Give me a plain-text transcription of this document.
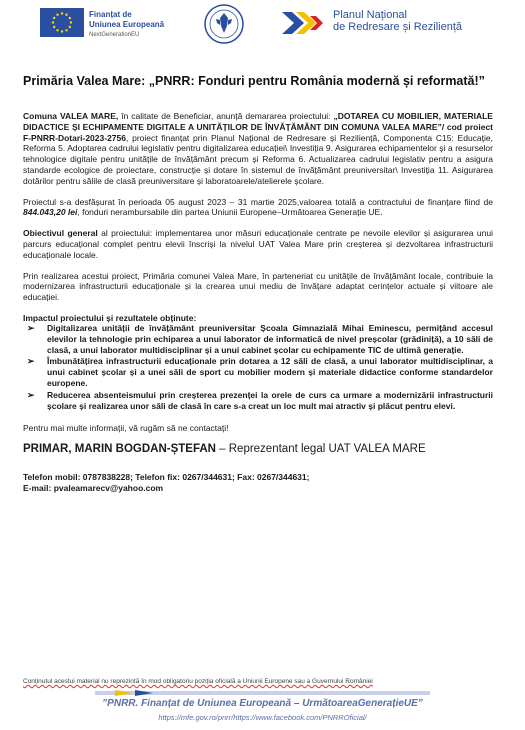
Finanțat de
Uniunea Europeană
NextGenerationEU
Planul Național
de Redresare și Reziliență
Primăria Valea Mare: „PNRR: Fonduri pentru România modernă și reformată!”

Comuna VALEA MARE, în calitate de Beneficiar, anunță demararea proiectului: „DOTAREA CU MOBILIER, MATERIALE DIDACTICE ȘI ECHIPAMENTE DIGITALE A UNITĂȚILOR DE ÎNVĂȚĂMÂNT DIN COMUNA VALEA MARE”/ cod proiect F-PNRR-Dotari-2023-2756, proiect finanțat prin Planul Național de Redresare și Reziliență, Componenta C15: Educație, Reforma 5. Adoptarea cadrului legislativ pentru digitalizarea educației\ Investiția 9. Asigurarea echipamentelor și a resurselor tehnologice digitale pentru unitățile de învățământ precum și Reforma 6. Actualizarea cadrului legislativ pentru a asigura standarde ecologice de proiectare, construcție și dotare în sistemul de învățământ preuniversitar\ Investiția 11. Asigurarea dotărilor pentru sălile de clasă preuniversitare și laboratoarele/atelierele școlare.

Proiectul s-a desfășurat în perioada 05 august 2023 – 31 martie 2025,valoarea totală a contractului de finanțare fiind de 844.043,20 lei, fonduri nerambursabile din partea Uniunii Europene–Următoarea Generație UE.

Obiectivul general al proiectului: implementarea unor măsuri educaționale centrate pe nevoile elevilor și asigurarea unui parcurs educațional complet pentru elevii înscriși la nivelul UAT Valea Mare prin creșterea și dezvoltarea infrastructurii educaționale locale.

Prin realizarea acestui proiect, Primăria comunei Valea Mare, în parteneriat cu unitățile de învățământ locale, contribuie la modernizarea infrastructurii educaționale și la crearea unui mediu de învățare adaptat cerințelor actuale și viitoare ale educației.

Impactul proiectului și rezultatele obținute:
➢ Digitalizarea unității de învățământ preuniversitar Școala Gimnazială Mihai Eminescu, permițând accesul elevilor la tehnologie prin echiparea a unui laborator de informatică de nivel preșcolar (grădiniță), a 10 săli de clasă, a unui laborator multidisciplinar și a unui cabinet școlar cu echipamente TIC de ultimă generație.
➢ Îmbunătățirea infrastructurii educaționale prin dotarea a 12 săli de clasă, a unui laborator multidisciplinar, a unui cabinet școlar și a unei săli de sport cu mobilier modern și materiale didactice conforme standardelor europene.
➢ Reducerea absenteismului prin creșterea prezenței la orele de curs ca urmare a modernizării infrastructurii școlare și realizarea unor săli de clasă în care s-a creat un loc mult mai atractiv și plăcut pentru elevi.

Pentru mai multe informații, vă rugăm să ne contactați!

PRIMAR, MARIN BOGDAN-ȘTEFAN – Reprezentant legal UAT VALEA MARE
Telefon mobil: 0787838228; Telefon fix: 0267/344631; Fax: 0267/344631;
E-mail: pvaleamarecv@yahoo.com
Conținutul acestui material nu reprezintă în mod obligatoriu poziția oficială a Uniunii Europene sau a Guvernului României
”PNRR. Finanțat de Uniunea Europeană – UrmătoareaGenerațieUE”
https://mfe.gov.ro/pnrr/https://www.facebook.com/PNRROficial/
